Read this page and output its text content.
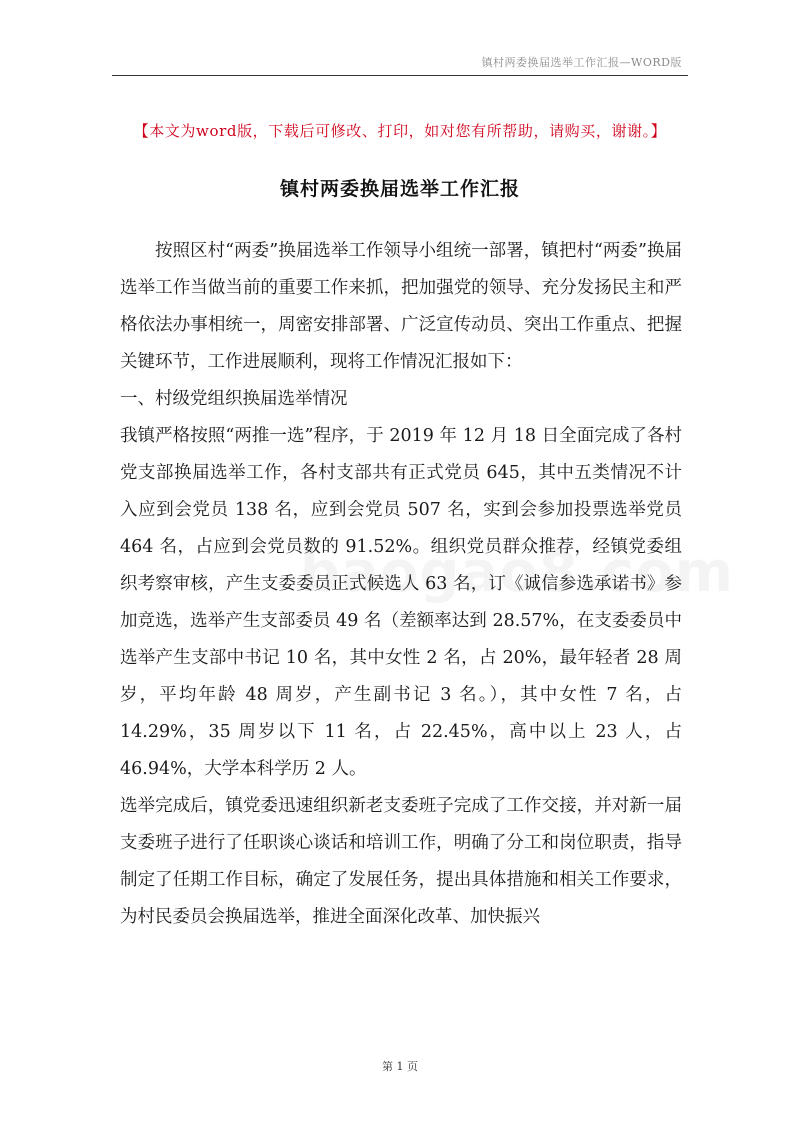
镇村两委换届选举工作汇报—WORD版
【本文为word版，下载后可修改、打印，如对您有所帮助，请购买，谢谢。】
镇村两委换届选举工作汇报

按照区村“两委”换届选举工作领导小组统一部署，镇把村“两委”换届选举工作当做当前的重要工作来抓，把加强党的领导、充分发扬民主和严格依法办事相统一，周密安排部署、广泛宣传动员、突出工作重点、把握关键环节，工作进展顺利，现将工作情况汇报如下：

一、村级党组织换届选举情况

我镇严格按照“两推一选”程序，于 2019 年 12 月 18 日全面完成了各村党支部换届选举工作，各村支部共有正式党员 645，其中五类情况不计入应到会党员 138 名，应到会党员 507 名，实到会参加投票选举党员 464 名，占应到会党员数的 91.52%。组织党员群众推荐，经镇党委组织考察审核，产生支委委员正式候选人 63 名，订《诚信参选承诺书》参加竞选，选举产生支部委员 49 名（差额率达到 28.57%，在支委委员中选举产生支部中书记 10 名，其中女性 2 名，占 20%，最年轻者 28 周岁，平均年龄 48 周岁，产生副书记 3 名。），其中女性 7 名，占 14.29%，35 周岁以下 11 名，占 22.45%，高中以上 23 人，占 46.94%，大学本科学历 2 人。

选举完成后，镇党委迅速组织新老支委班子完成了工作交接，并对新一届支委班子进行了任职谈心谈话和培训工作，明确了分工和岗位职责，指导制定了任期工作目标，确定了发展任务，提出具体措施和相关工作要求，为村民委员会换届选举，推进全面深化改革、加快振兴

第 1 页
